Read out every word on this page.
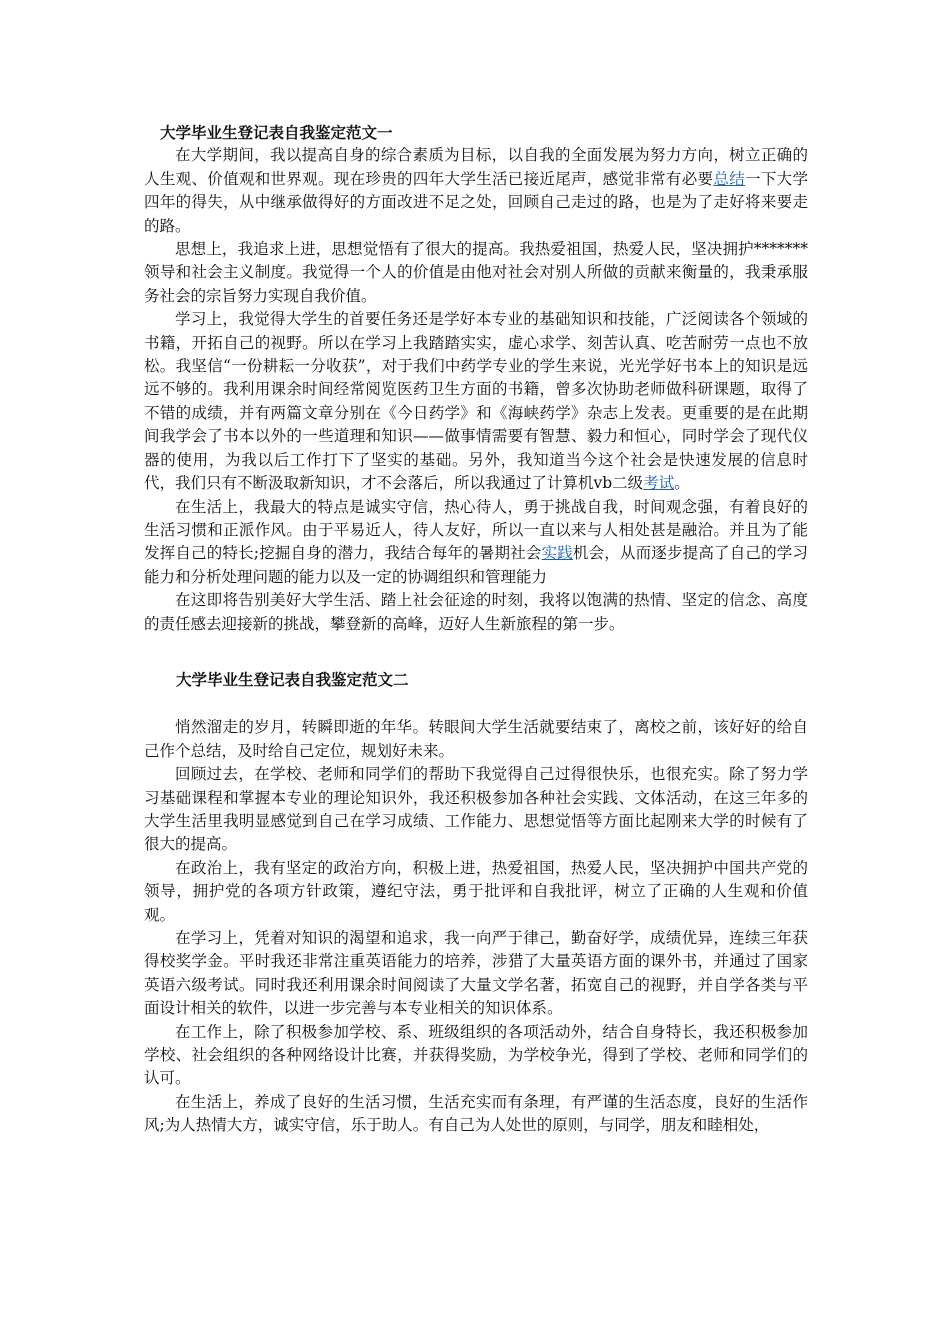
大学毕业生登记表自我鉴定范文一

在大学期间，我以提高自身的综合素质为目标，以自我的全面发展为努力方向，树立正确的人生观、价值观和世界观。现在珍贵的四年大学生活已接近尾声，感觉非常有必要总结一下大学四年的得失，从中继承做得好的方面改进不足之处，回顾自己走过的路，也是为了走好将来要走的路。

思想上，我追求上进，思想觉悟有了很大的提高。我热爱祖国，热爱人民，坚决拥护*******领导和社会主义制度。我觉得一个人的价值是由他对社会对别人所做的贡献来衡量的，我秉承服务社会的宗旨努力实现自我价值。

学习上，我觉得大学生的首要任务还是学好本专业的基础知识和技能，广泛阅读各个领域的书籍，开拓自己的视野。所以在学习上我踏踏实实，虚心求学、刻苦认真、吃苦耐劳一点也不放松。我坚信“一份耕耘一分收获”，对于我们中药学专业的学生来说，光光学好书本上的知识是远远不够的。我利用课余时间经常阅览医药卫生方面的书籍，曾多次协助老师做科研课题，取得了不错的成绩，并有两篇文章分别在《今日药学》和《海峡药学》杂志上发表。更重要的是在此期间我学会了书本以外的一些道理和知识——做事情需要有智慧、毅力和恒心，同时学会了现代仪器的使用，为我以后工作打下了坚实的基础。另外，我知道当今这个社会是快速发展的信息时代，我们只有不断汲取新知识，才不会落后，所以我通过了计算机vb二级考试。

在生活上，我最大的特点是诚实守信，热心待人，勇于挑战自我，时间观念强，有着良好的生活习惯和正派作风。由于平易近人，待人友好，所以一直以来与人相处甚是融洽。并且为了能发挥自己的特长;挖掘自身的潜力，我结合每年的暑期社会实践机会，从而逐步提高了自己的学习能力和分析处理问题的能力以及一定的协调组织和管理能力

在这即将告别美好大学生活、踏上社会征途的时刻，我将以饱满的热情、坚定的信念、高度的责任感去迎接新的挑战，攀登新的高峰，迈好人生新旅程的第一步。

大学毕业生登记表自我鉴定范文二

悄然溜走的岁月，转瞬即逝的年华。转眼间大学生活就要结束了，离校之前，该好好的给自己作个总结，及时给自己定位，规划好未来。

回顾过去，在学校、老师和同学们的帮助下我觉得自己过得很快乐，也很充实。除了努力学习基础课程和掌握本专业的理论知识外，我还积极参加各种社会实践、文体活动，在这三年多的大学生活里我明显感觉到自己在学习成绩、工作能力、思想觉悟等方面比起刚来大学的时候有了很大的提高。

在政治上，我有坚定的政治方向，积极上进，热爱祖国，热爱人民，坚决拥护中国共产党的领导，拥护党的各项方针政策，遵纪守法，勇于批评和自我批评，树立了正确的人生观和价值观。

在学习上，凭着对知识的渴望和追求，我一向严于律己，勤奋好学，成绩优异，连续三年获得校奖学金。平时我还非常注重英语能力的培养，涉猎了大量英语方面的课外书，并通过了国家英语六级考试。同时我还利用课余时间阅读了大量文学名著，拓宽自己的视野，并自学各类与平面设计相关的软件，以进一步完善与本专业相关的知识体系。

在工作上，除了积极参加学校、系、班级组织的各项活动外，结合自身特长，我还积极参加学校、社会组织的各种网络设计比赛，并获得奖励，为学校争光，得到了学校、老师和同学们的认可。

在生活上，养成了良好的生活习惯，生活充实而有条理，有严谨的生活态度，良好的生活作风;为人热情大方，诚实守信，乐于助人。有自己为人处世的原则，与同学，朋友和睦相处，
